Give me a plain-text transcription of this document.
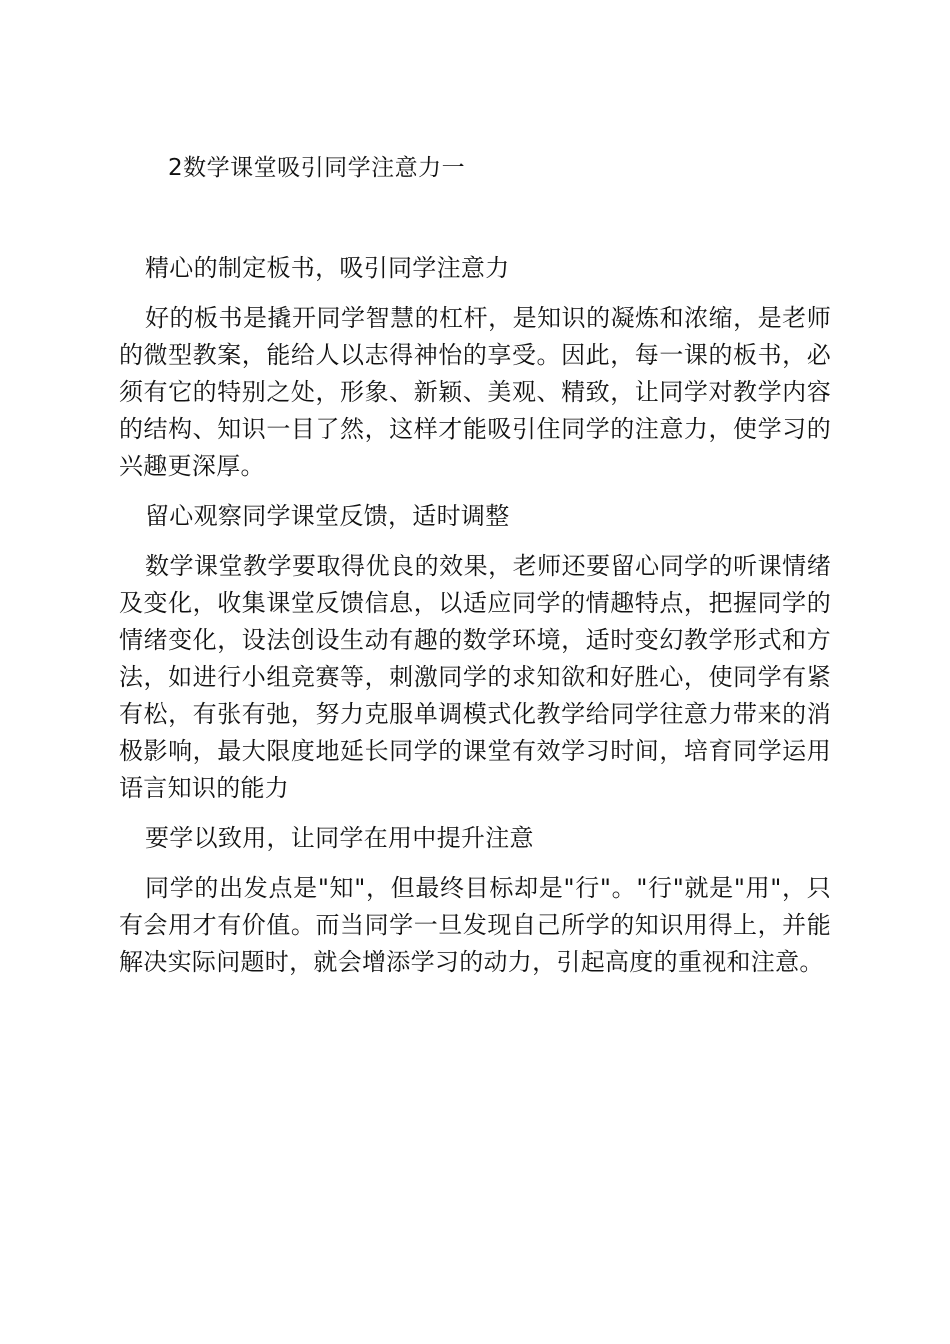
2数学课堂吸引同学注意力一

精心的制定板书，吸引同学注意力

好的板书是撬开同学智慧的杠杆，是知识的凝炼和浓缩，是老师的微型教案，能给人以志得神怡的享受。因此，每一课的板书，必须有它的特别之处，形象、新颖、美观、精致，让同学对教学内容的结构、知识一目了然，这样才能吸引住同学的注意力，使学习的兴趣更深厚。

留心观察同学课堂反馈，适时调整

数学课堂教学要取得优良的效果，老师还要留心同学的听课情绪及变化，收集课堂反馈信息，以适应同学的情趣特点，把握同学的情绪变化，设法创设生动有趣的数学环境，适时变幻教学形式和方法，如进行小组竞赛等，刺激同学的求知欲和好胜心，使同学有紧有松，有张有弛，努力克服单调模式化教学给同学往意力带来的消极影响，最大限度地延长同学的课堂有效学习时间，培育同学运用语言知识的能力

要学以致用，让同学在用中提升注意

同学的出发点是"知"，但最终目标却是"行"。"行"就是"用"，只有会用才有价值。而当同学一旦发现自己所学的知识用得上，并能解决实际问题时，就会增添学习的动力，引起高度的重视和注意。
